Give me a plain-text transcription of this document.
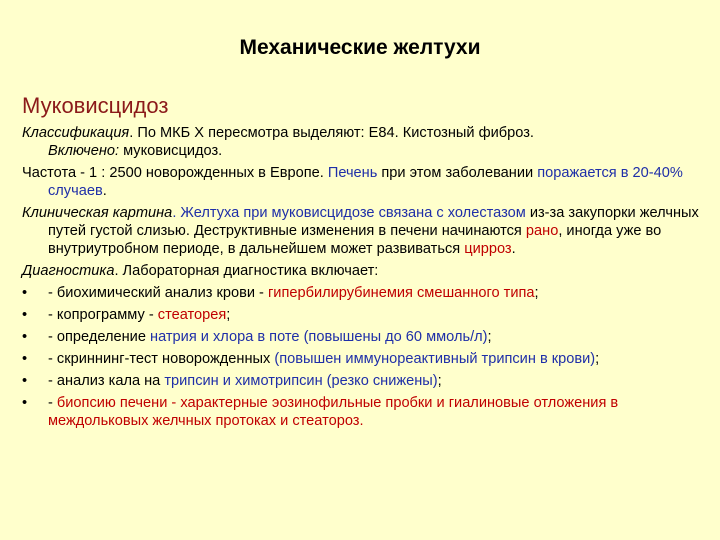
Механические желтухи
Муковисцидоз

Классификация. По МКБ X пересмотра выделяют: Е84. Кистозный фиброз.
Включено: муковисцидоз.

Частота - 1 : 2500 новорожденных в Европе. Печень при этом заболевании поражается в 20-40% случаев.

Клиническая картина. Желтуха при муковисцидозе связана с холестазом из-за закупорки желчных путей густой слизью. Деструктивные изменения в печени начинаются рано, иногда уже во внутриутробном периоде, в дальнейшем может развиваться цирроз.

Диагностика. Лабораторная диагностика включает:

•	- биохимический анализ крови - гипербилирубинемия смешанного типа;
•	- копрограмму - стеаторея;
•	- определение натрия и хлора в поте (повышены до 60 ммоль/л);
•	- скриннинг-тест новорожденных (повышен иммунореактивный трипсин в крови);
•	- анализ кала на трипсин и химотрипсин (резко снижены);
•	- биопсию печени - характерные эозинофильные пробки и гиалиновые отложения в междольковых желчных протоках и стеатороз.
